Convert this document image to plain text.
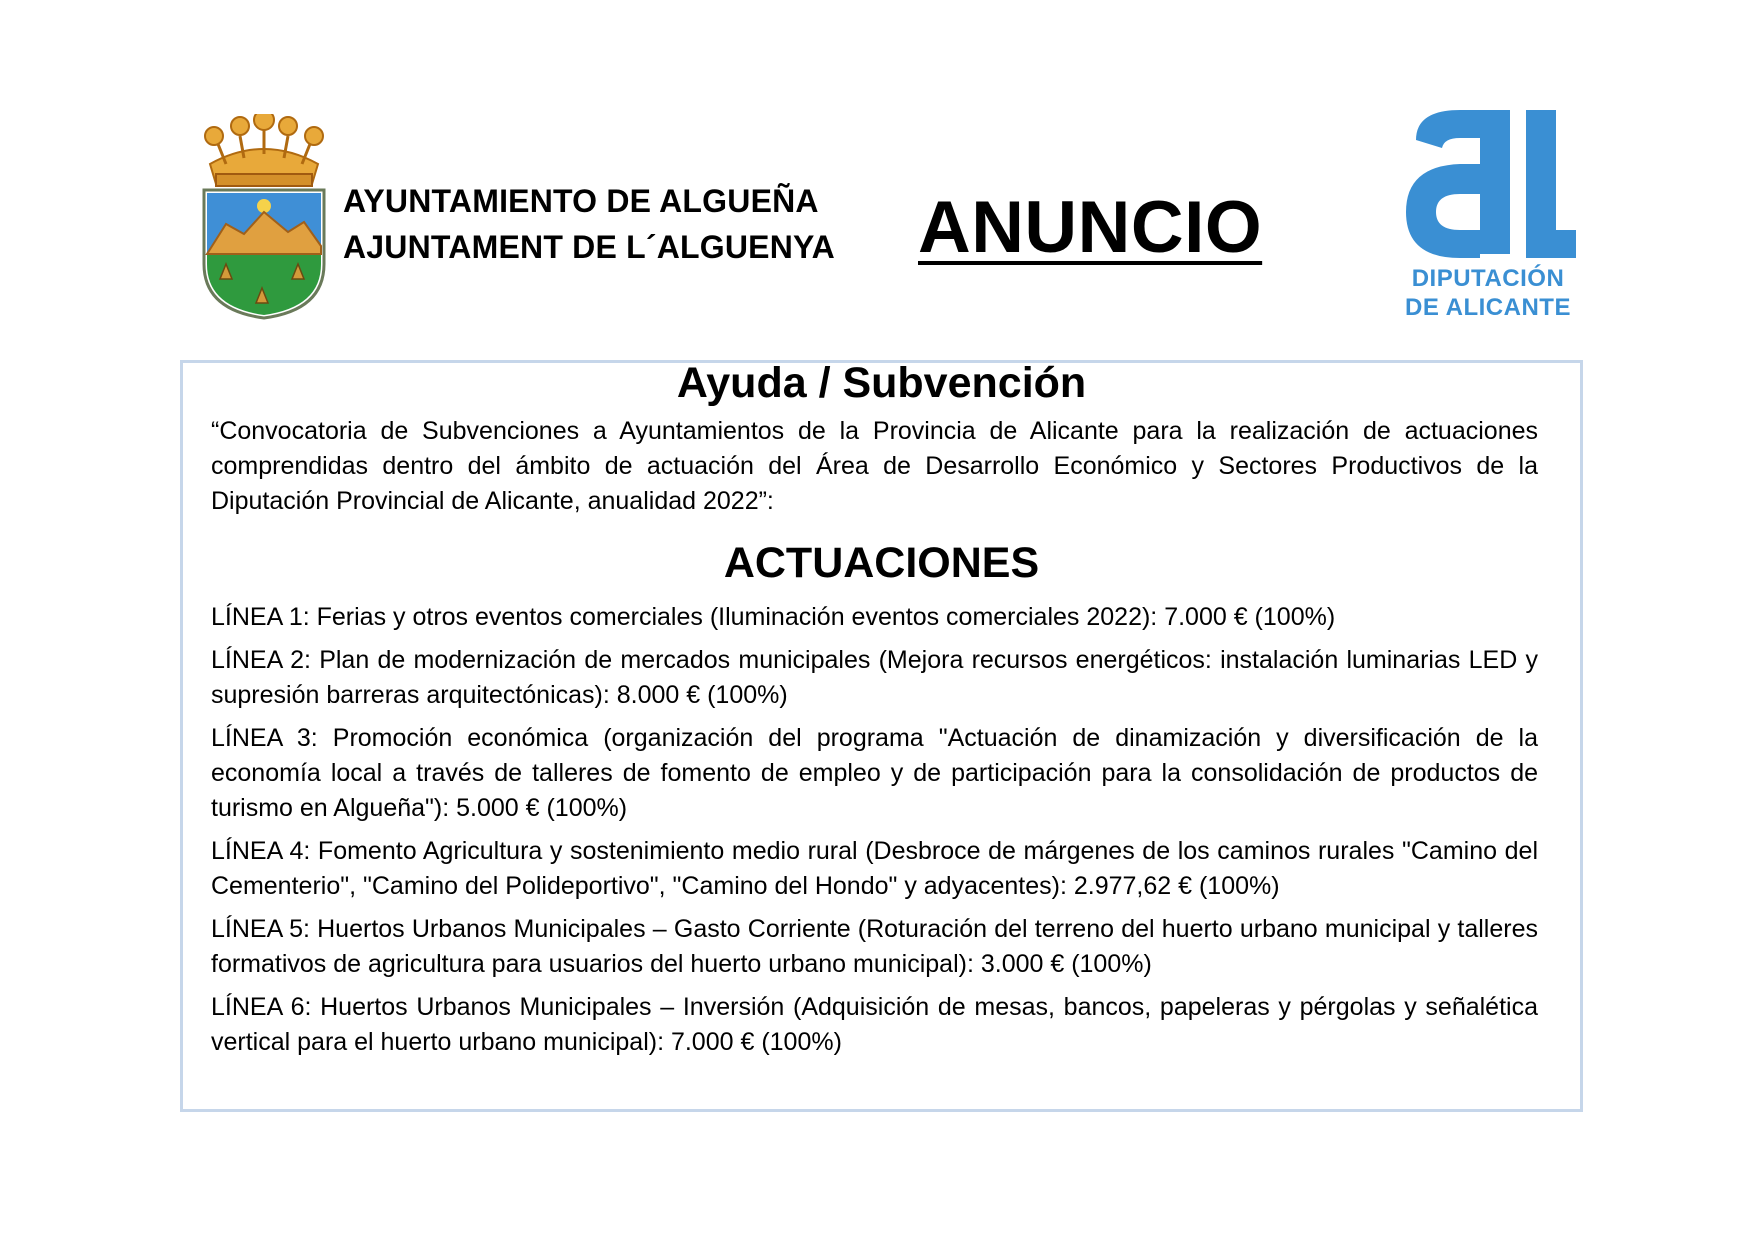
AYUNTAMIENTO DE ALGUEÑA
AJUNTAMENT DE L´ALGUENYA ANUNCIO
DIPUTACIÓN
DE ALICANTE
Ayuda / Subvención
“Convocatoria de Subvenciones a Ayuntamientos de la Provincia de Alicante para la realización de actuaciones comprendidas dentro del ámbito de actuación del Área de Desarrollo Económico y Sectores Productivos de la Diputación Provincial de Alicante, anualidad 2022”:
ACTUACIONES
LÍNEA 1: Ferias y otros eventos comerciales (Iluminación eventos comerciales 2022): 7.000 € (100%)
LÍNEA 2: Plan de modernización de mercados municipales (Mejora recursos energéticos: instalación luminarias LED y supresión barreras arquitectónicas): 8.000 € (100%)
LÍNEA 3: Promoción económica (organización del programa "Actuación de dinamización y diversificación de la economía local a través de talleres de fomento de empleo y de participación para la consolidación de productos de turismo en Algueña"): 5.000 € (100%)
LÍNEA 4: Fomento Agricultura y sostenimiento medio rural (Desbroce de márgenes de los caminos rurales "Camino del Cementerio", "Camino del Polideportivo", "Camino del Hondo" y adyacentes): 2.977,62 € (100%)
LÍNEA 5: Huertos Urbanos Municipales – Gasto Corriente (Roturación del terreno del huerto urbano municipal y talleres formativos de agricultura para usuarios del huerto urbano municipal): 3.000 € (100%)
LÍNEA 6: Huertos Urbanos Municipales – Inversión (Adquisición de mesas, bancos, papeleras y pérgolas y señalética vertical para el huerto urbano municipal): 7.000 € (100%)
